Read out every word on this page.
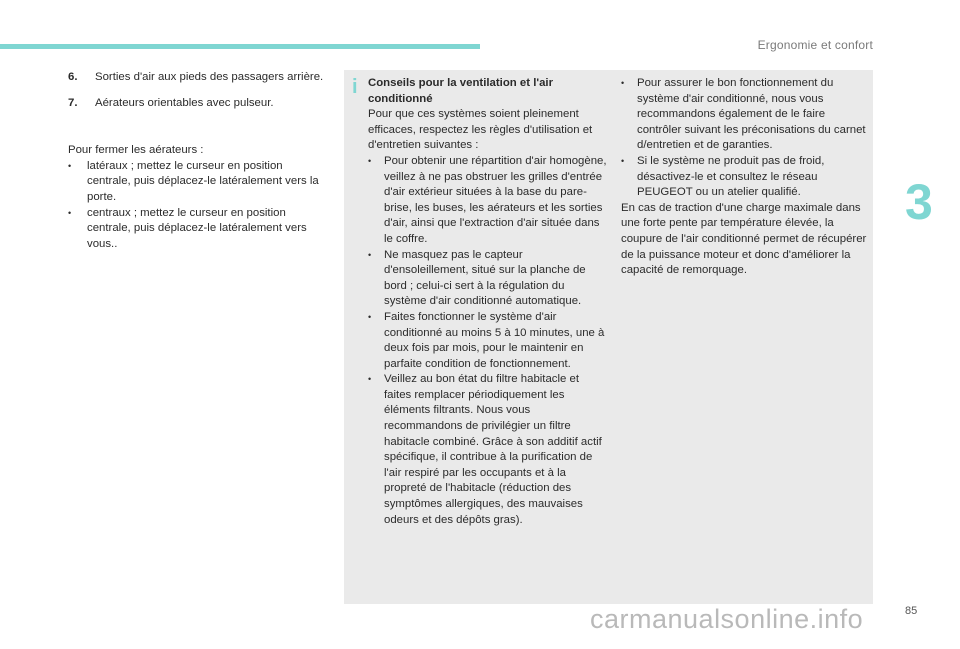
Ergonomie et confort
3
6.	Sorties d'air aux pieds des passagers arrière.
7.	Aérateurs orientables avec pulseur.
Pour fermer les aérateurs :
•	latéraux ; mettez le curseur en position centrale, puis déplacez-le latéralement vers la porte.
•	centraux ; mettez le curseur en position centrale, puis déplacez-le latéralement vers vous..
i Conseils pour la ventilation et l'air conditionné
Pour que ces systèmes soient pleinement efficaces, respectez les règles d'utilisation et d'entretien suivantes :
•	Pour obtenir une répartition d'air homogène, veillez à ne pas obstruer les grilles d'entrée d'air extérieur situées à la base du pare-brise, les buses, les aérateurs et les sorties d'air, ainsi que l'extraction d'air située dans le coffre.
•	Ne masquez pas le capteur d'ensoleillement, situé sur la planche de bord ; celui-ci sert à la régulation du système d'air conditionné automatique.
•	Faites fonctionner le système d'air conditionné au moins 5 à 10 minutes, une à deux fois par mois, pour le maintenir en parfaite condition de fonctionnement.
•	Veillez au bon état du filtre habitacle et faites remplacer périodiquement les éléments filtrants. Nous vous recommandons de privilégier un filtre habitacle combiné. Grâce à son additif actif spécifique, il contribue à la purification de l'air respiré par les occupants et à la propreté de l'habitacle (réduction des symptômes allergiques, des mauvaises odeurs et des dépôts gras).
•	Pour assurer le bon fonctionnement du système d'air conditionné, nous vous recommandons également de le faire contrôler suivant les préconisations du carnet d/entretien et de garanties.
•	Si le système ne produit pas de froid, désactivez-le et consultez le réseau PEUGEOT ou un atelier qualifié.
En cas de traction d'une charge maximale dans une forte pente par température élevée, la coupure de l'air conditionné permet de récupérer de la puissance moteur et donc d'améliorer la capacité de remorquage.
85
carmanualsonline.info
